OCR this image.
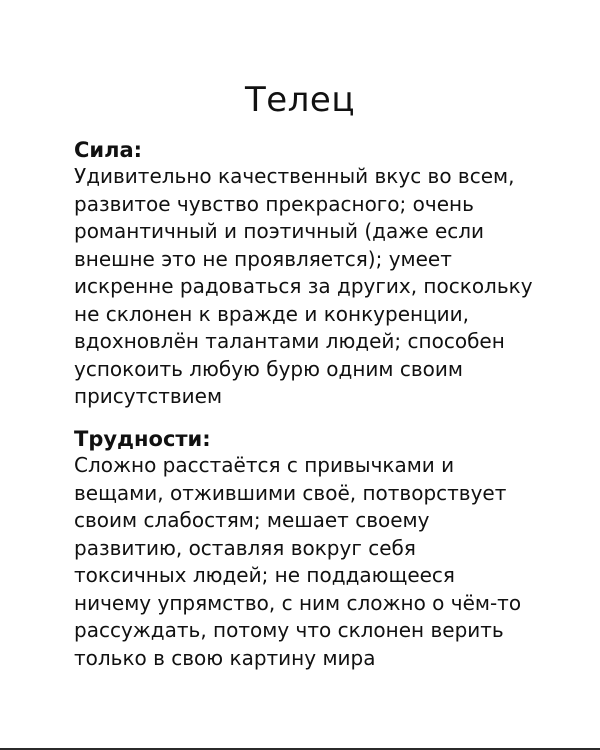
Телец

Сила:

Удивительно качественный вкус во всем,
развитое чувство прекрасного; очень
романтичный и поэтичный (даже если
внешне это не проявляется); умеет
искренне радоваться за других, поскольку
не склонен к вражде и конкуренции,
вдохновлён талантами людей; способен
успокоить любую бурю одним своим
присутствием

Трудности:

Сложно расстаётся с привычками и
вещами, отжившими своё, потворствует
своим слабостям; мешает своему
развитию, оставляя вокруг себя
токсичных людей; не поддающееся
ничему упрямство, с ним сложно о чём-то
рассуждать, потому что склонен верить
только в свою картину мира
